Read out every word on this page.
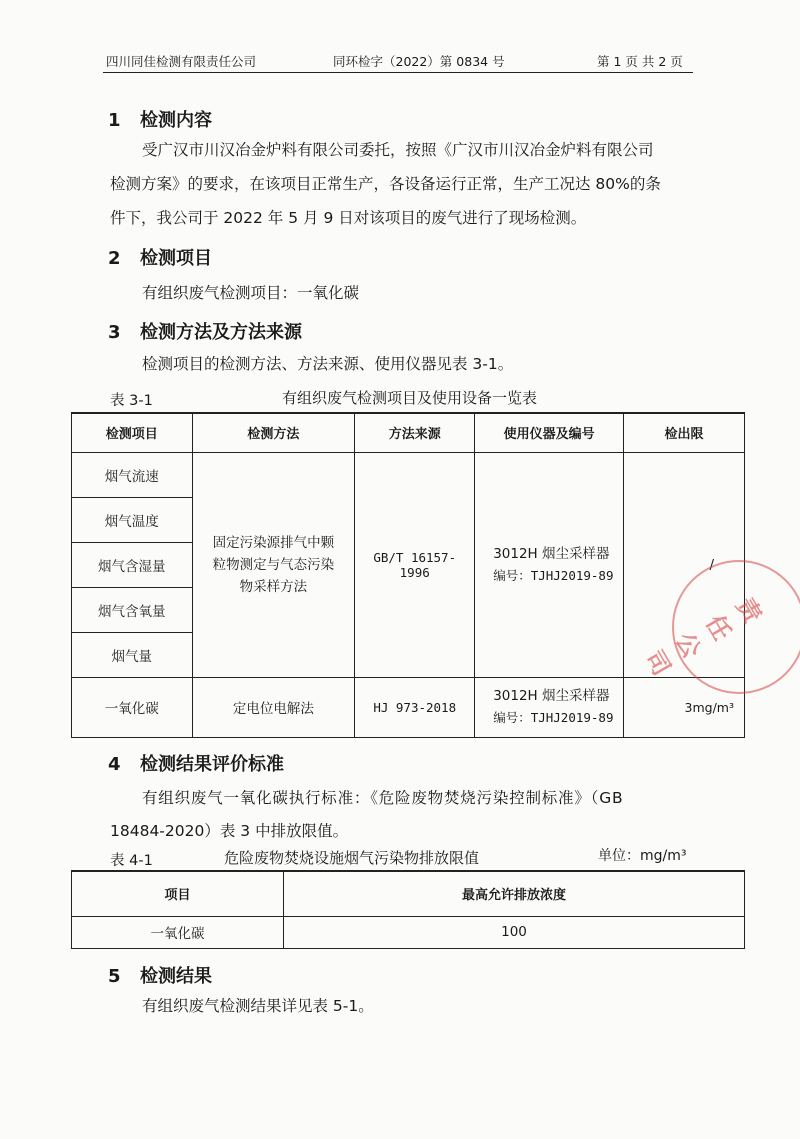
四川同佳检测有限责任公司	同环检字（2022）第 0834 号	第 1 页 共 2 页
1 检测内容
受广汉市川汉冶金炉料有限公司委托，按照《广汉市川汉冶金炉料有限公司
检测方案》的要求，在该项目正常生产，各设备运行正常，生产工况达 80%的条
件下，我公司于 2022 年 5 月 9 日对该项目的废气进行了现场检测。
2 检测项目
有组织废气检测项目：一氧化碳
3 检测方法及方法来源
检测项目的检测方法、方法来源、使用仪器见表 3-1。
表 3-1	有组织废气检测项目及使用设备一览表
检测项目	检测方法	方法来源	使用仪器及编号	检出限
烟气流速	固定污染源排气中颗粒物测定与气态污染物采样方法	GB/T 16157-1996	3012H 烟尘采样器
编号：TJHJ2019-89	/
烟气温度				
烟气含湿量				
烟气含氧量				
烟气量				
一氧化碳	定电位电解法	HJ 973-2018	3012H 烟尘采样器
编号：TJHJ2019-89	3mg/m³
4 检测结果评价标准
有组织废气一氧化碳执行标准：《危险废物焚烧污染控制标准》（GB
18484-2020）表 3 中排放限值。
表 4-1	危险废物焚烧设施烟气污染物排放限值	单位：mg/m³
项目	最高允许排放浓度
一氧化碳	100
5 检测结果
有组织废气检测结果详见表 5-1。
责任公司
